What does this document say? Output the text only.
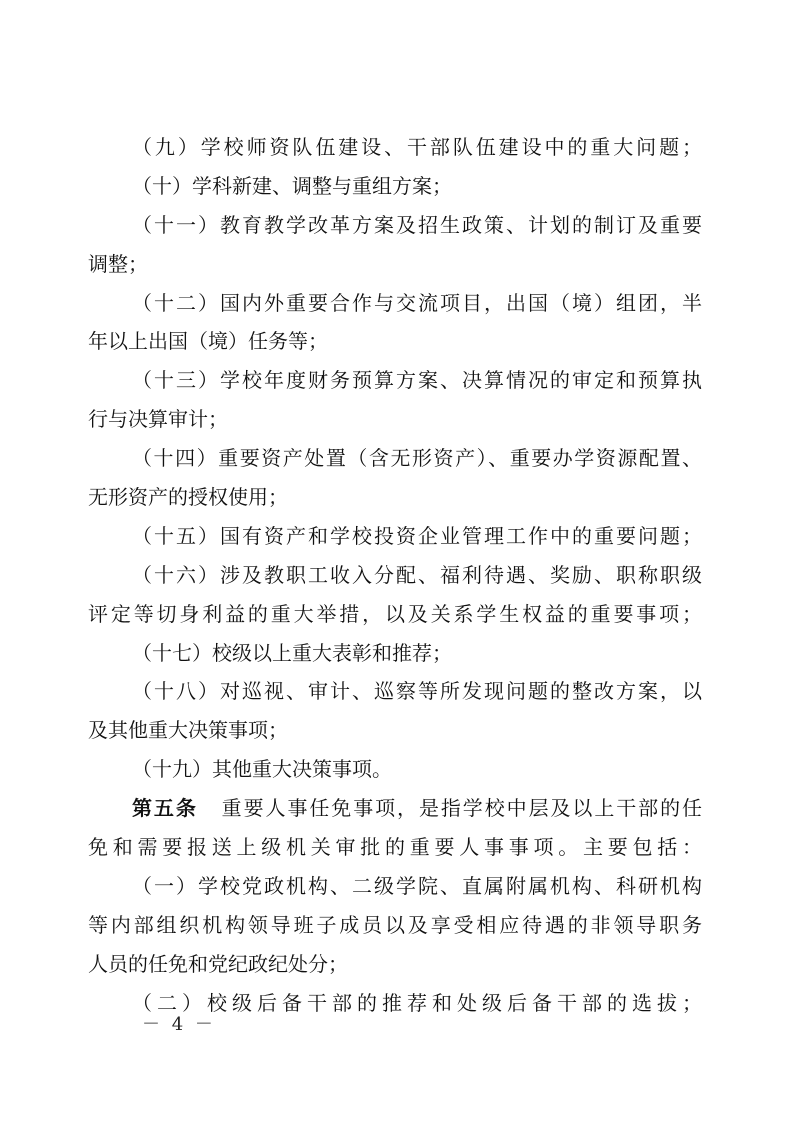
（九）学校师资队伍建设、干部队伍建设中的重大问题；
（十）学科新建、调整与重组方案；
（十一）教育教学改革方案及招生政策、计划的制订及重要
调整；
（十二）国内外重要合作与交流项目，出国（境）组团，半
年以上出国（境）任务等；
（十三）学校年度财务预算方案、决算情况的审定和预算执
行与决算审计；
（十四）重要资产处置（含无形资产）、重要办学资源配置、
无形资产的授权使用；
（十五）国有资产和学校投资企业管理工作中的重要问题；
（十六）涉及教职工收入分配、福利待遇、奖励、职称职级
评定等切身利益的重大举措，以及关系学生权益的重要事项；
（十七）校级以上重大表彰和推荐；
（十八）对巡视、审计、巡察等所发现问题的整改方案，以
及其他重大决策事项；
（十九）其他重大决策事项。
第五条 重要人事任免事项，是指学校中层及以上干部的任
免和需要报送上级机关审批的重要人事事项。主要包括：
（一）学校党政机构、二级学院、直属附属机构、科研机构
等内部组织机构领导班子成员以及享受相应待遇的非领导职务
人员的任免和党纪政纪处分；
（二）校级后备干部的推荐和处级后备干部的选拔；
－ 4 －
